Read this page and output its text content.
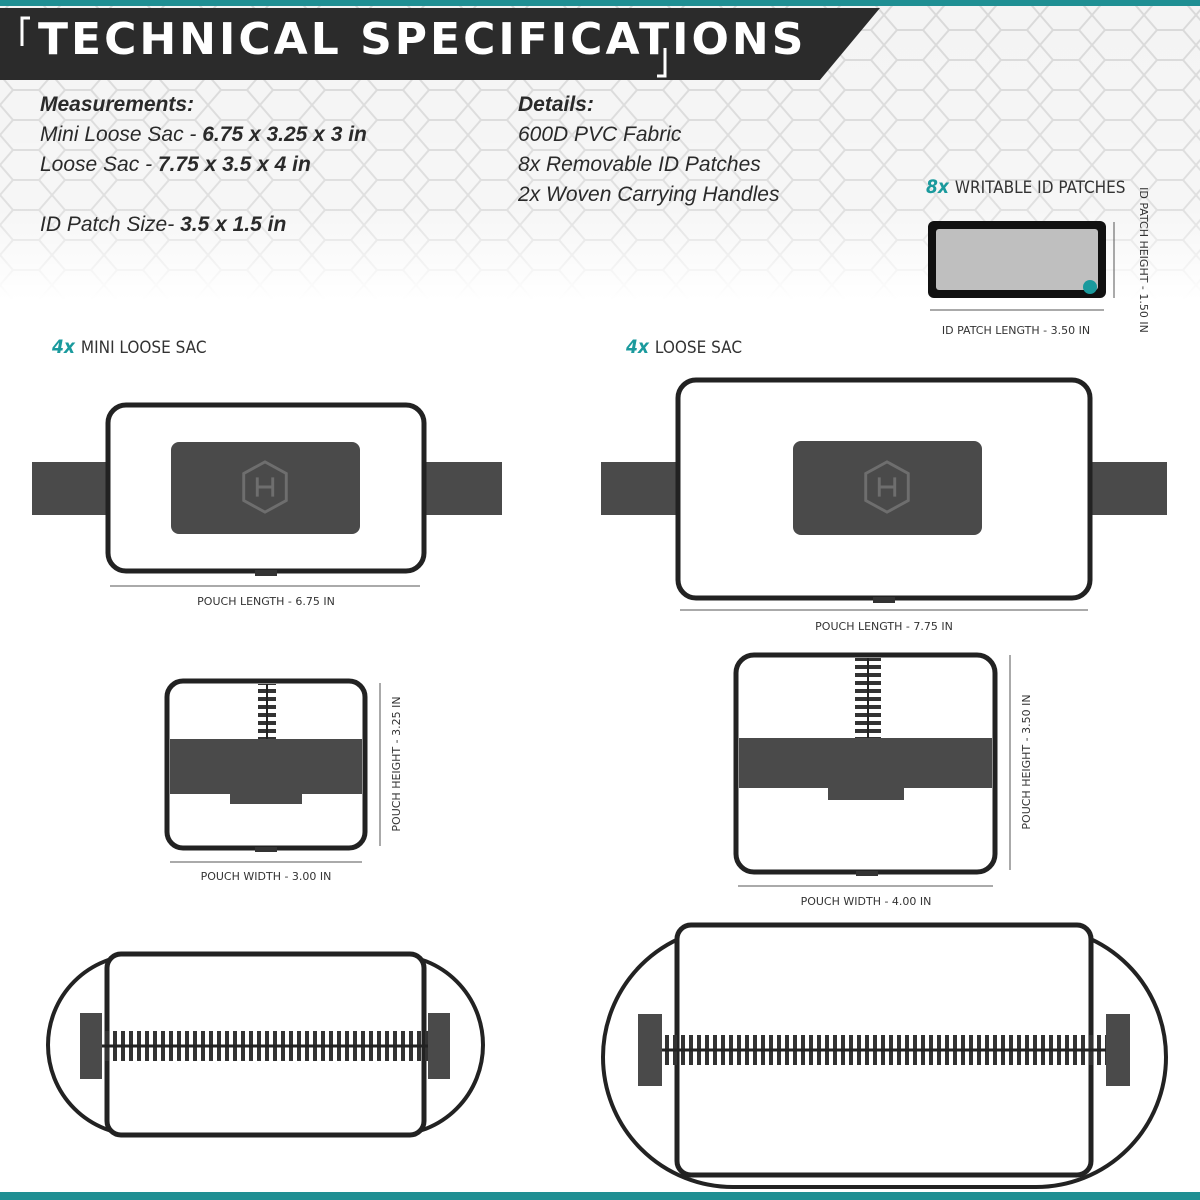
TECHNICAL SPECIFICATIONS
Measurements:
Mini Loose Sac - 6.75 x 3.25 x 3 in
Loose Sac - 7.75 x 3.5 x 4 in
ID Patch Size- 3.5 x 1.5 in
Details:
600D PVC Fabric
8x Removable ID Patches
2x Woven Carrying Handles	8x WRITABLE ID PATCHES
4x MINI LOOSE SAC	4x LOOSE SAC
ID PATCH LENGTH - 3.50 IN	ID PATCH HEIGHT - 1.50 IN
POUCH LENGTH - 6.75 IN
POUCH LENGTH - 7.75 IN
POUCH WIDTH - 3.00 IN
POUCH HEIGHT - 3.25 IN
POUCH WIDTH - 4.00 IN
POUCH HEIGHT - 3.50 IN
